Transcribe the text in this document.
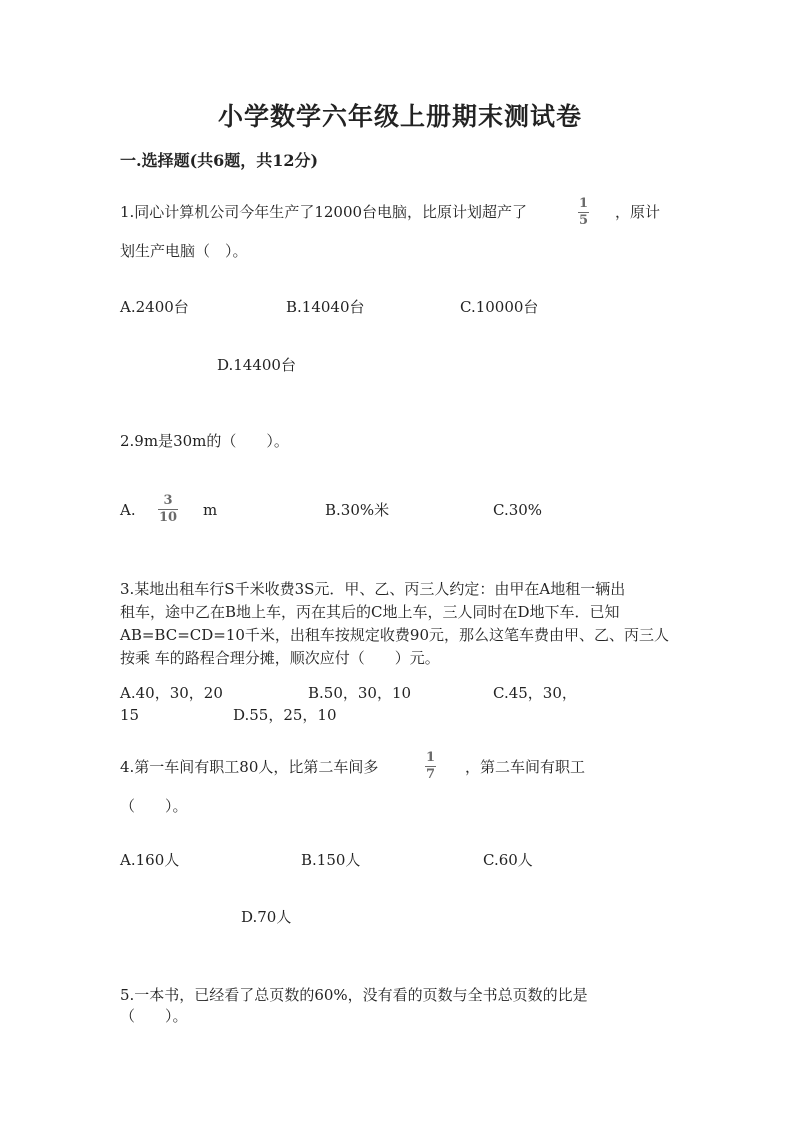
小学数学六年级上册期末测试卷
一.选择题(共6题，共12分)
1.同心计算机公司今年生产了12000台电脑，比原计划超产了	1
5 ，原计
划生产电脑（　）。
A.2400台	B.14040台	C.10000台
D.14400台
2.9m是30m的（　　）。
A.
3
10 m	B.30%米	C.30%
3.某地出租车行S千米收费3S元．甲、乙、丙三人约定：由甲在A地租一辆出
租车，途中乙在B地上车，丙在其后的C地上车，三人同时在D地下车．已知
AB=BC=CD=10千米，出租车按规定收费90元，那么这笔车费由甲、乙、丙三人
按乘 车的路程合理分摊，顺次应付（　　）元。
A.40，30，20	B.50，30，10	C.45，30，
15	D.55，25，10
4.第一车间有职工80人，比第二车间多
1
7 ，第二车间有职工
（　　）。
A.160人	B.150人	C.60人
D.70人
5.一本书，已经看了总页数的60%，没有看的页数与全书总页数的比是
（　　）。
